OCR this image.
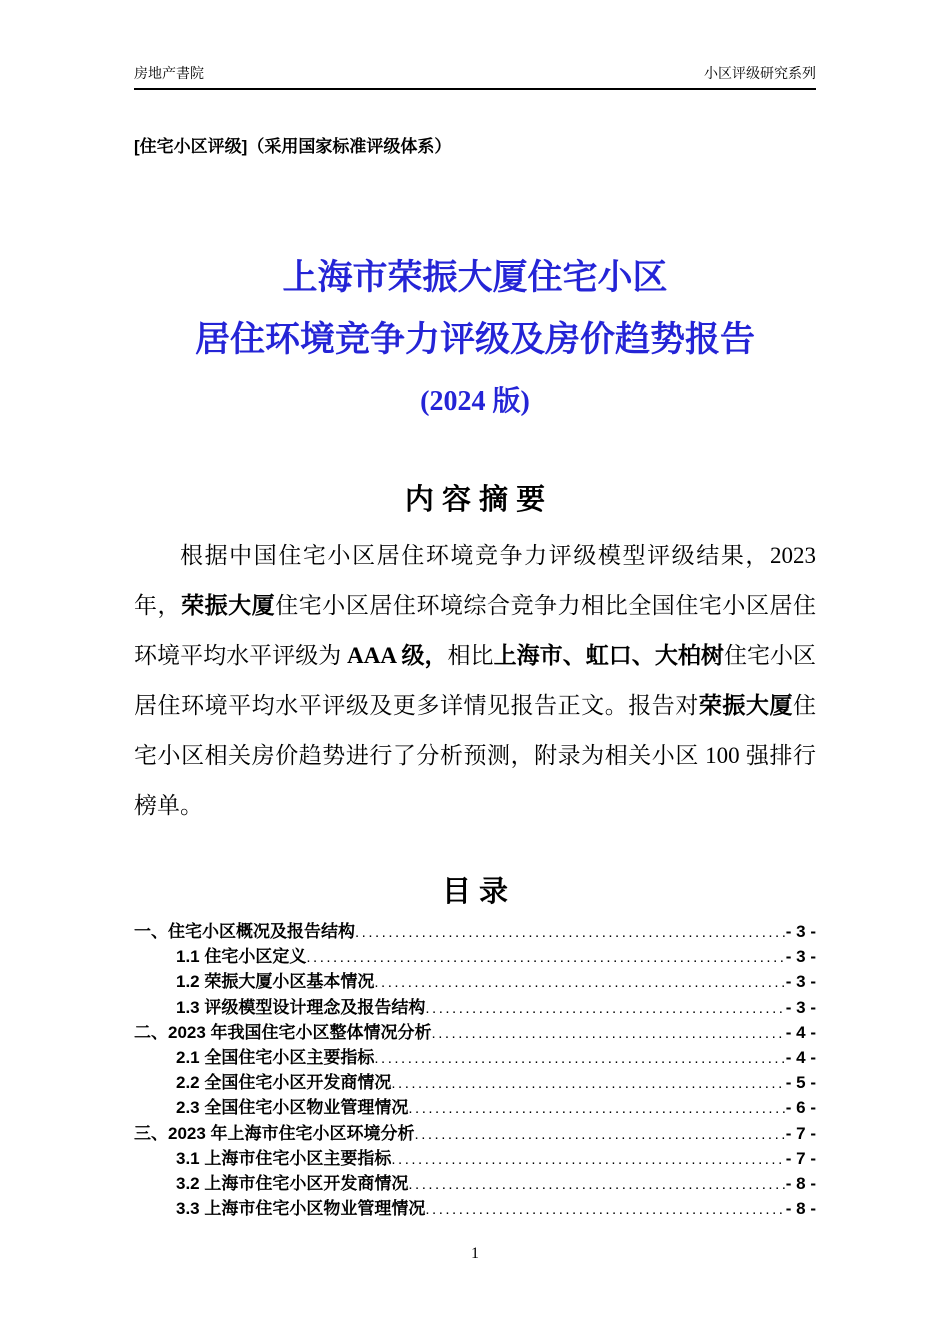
房地产書院	小区评级研究系列
[住宅小区评级]（采用国家标准评级体系）
上海市荣振大厦住宅小区
居住环境竞争力评级及房价趋势报告
(2024 版)
内 容 摘 要

根据中国住宅小区居住环境竞争力评级模型评级结果，2023 年，荣振大厦住宅小区居住环境综合竞争力相比全国住宅小区居住环境平均水平评级为 AAA 级，相比上海市、虹口、大柏树住宅小区居住环境平均水平评级及更多详情见报告正文。报告对荣振大厦住宅小区相关房价趋势进行了分析预测，附录为相关小区 100 强排行榜单。

目 录
一、住宅小区概况及报告结构 .....	- 3 -
1.1 住宅小区定义 .....	- 3 -
1.2 荣振大厦小区基本情况 .....	- 3 -
1.3 评级模型设计理念及报告结构 .....	- 3 -
二、2023 年我国住宅小区整体情况分析 .....	- 4 -
2.1 全国住宅小区主要指标 .....	- 4 -
2.2 全国住宅小区开发商情况 .....	- 5 -
2.3 全国住宅小区物业管理情况 .....	- 6 -
三、2023 年上海市住宅小区环境分析 .....	- 7 -
3.1 上海市住宅小区主要指标 .....	- 7 -
3.2 上海市住宅小区开发商情况 .....	- 8 -
3.3 上海市住宅小区物业管理情况 .....	- 8 -
1
